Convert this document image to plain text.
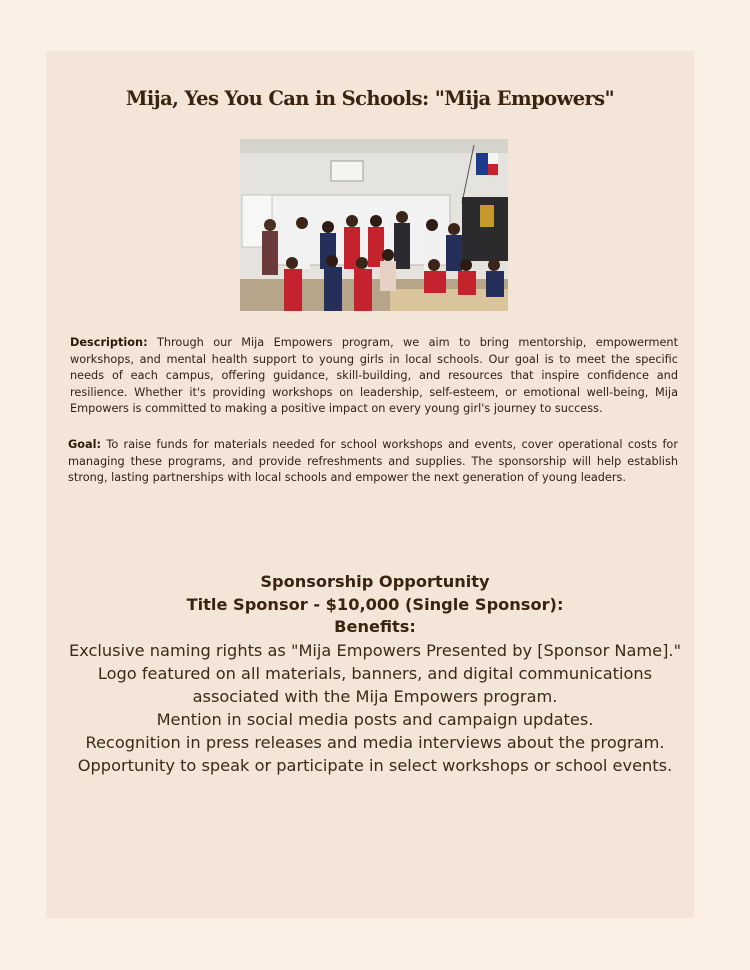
Mija, Yes You Can in Schools: "Mija Empowers"
Description: Through our Mija Empowers program, we aim to bring mentorship, empowerment workshops, and mental health support to young girls in local schools. Our goal is to meet the specific needs of each campus, offering guidance, skill-building, and resources that inspire confidence and resilience. Whether it's providing workshops on leadership, self-esteem, or emotional well-being, Mija Empowers is committed to making a positive impact on every young girl's journey to success.
Goal: To raise funds for materials needed for school workshops and events, cover operational costs for managing these programs, and provide refreshments and supplies. The sponsorship will help establish strong, lasting partnerships with local schools and empower the next generation of young leaders.
Sponsorship Opportunity
Title Sponsor - $10,000 (Single Sponsor):
Benefits:
Exclusive naming rights as "Mija Empowers Presented by [Sponsor Name]."
Logo featured on all materials, banners, and digital communications associated with the Mija Empowers program.
Mention in social media posts and campaign updates.
Recognition in press releases and media interviews about the program.
Opportunity to speak or participate in select workshops or school events.
